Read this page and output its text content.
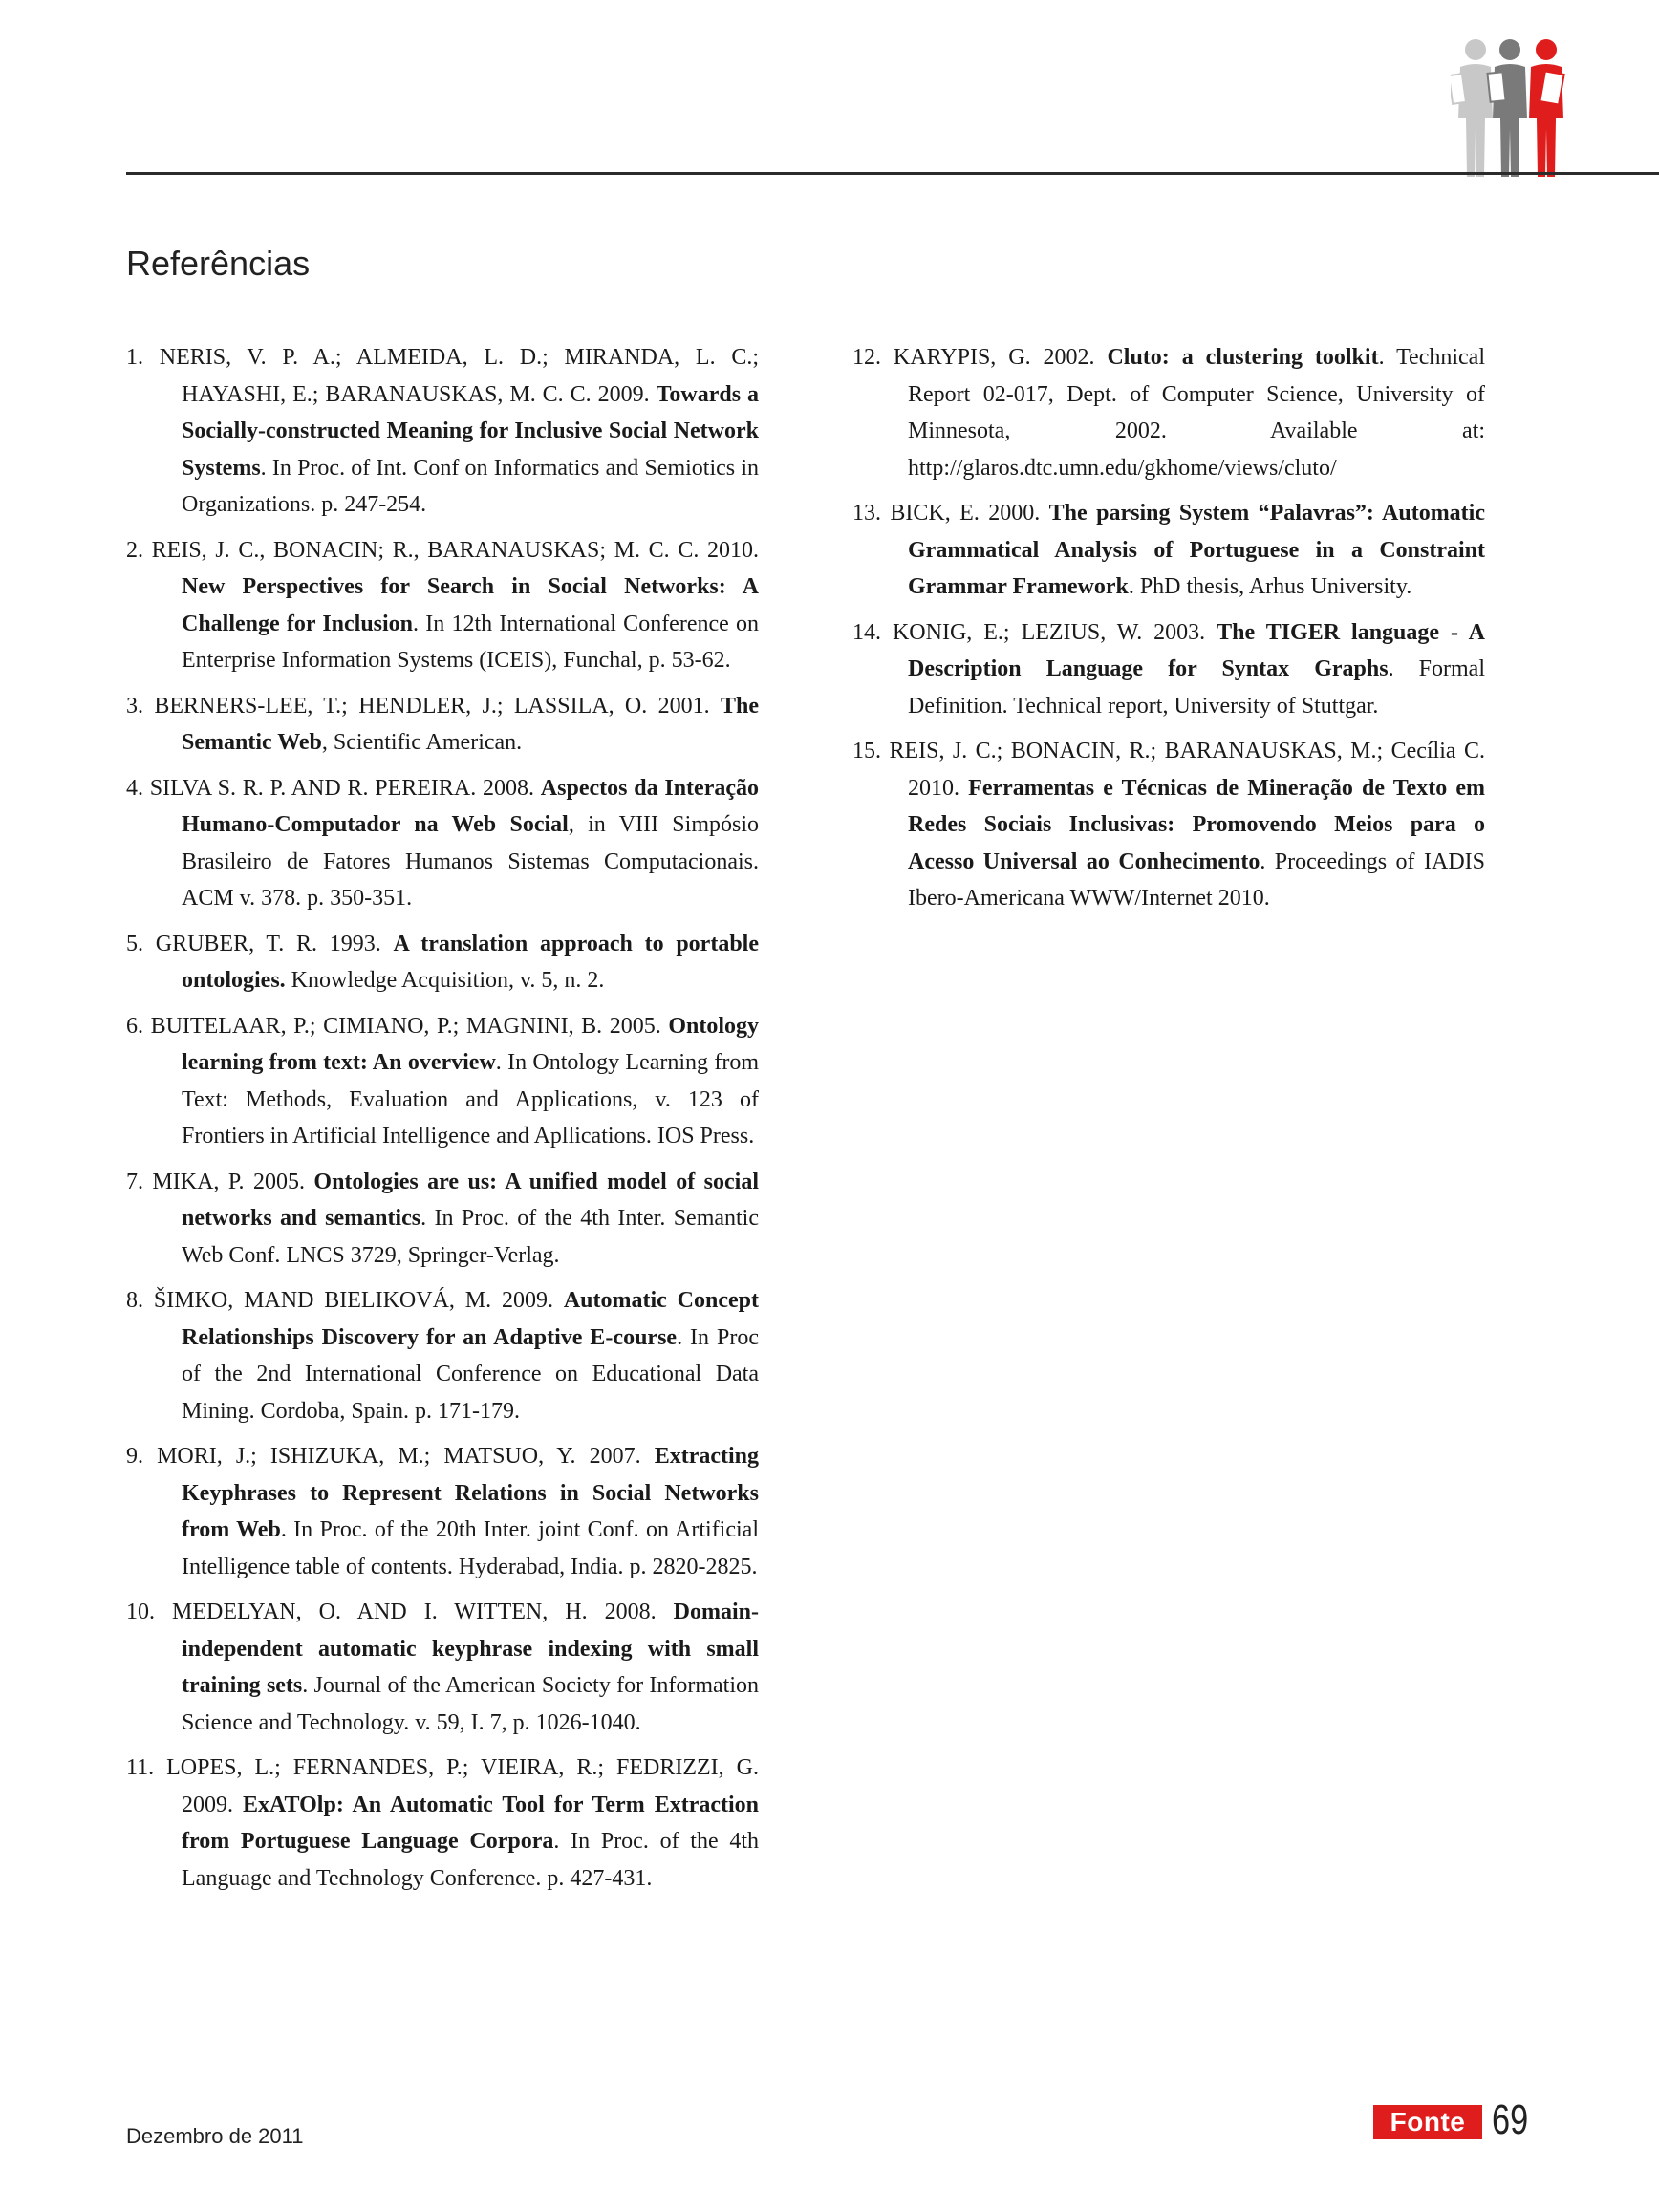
Referências
1. NERIS, V. P. A.; ALMEIDA, L. D.; MIRANDA, L. C.; HAYASHI, E.; BARANAUSKAS, M. C. C. 2009. Towards a Socially-constructed Meaning for Inclusive Social Network Systems. In Proc. of Int. Conf on Informatics and Semiotics in Organizations. p. 247-254.
2. REIS, J. C., BONACIN; R., BARANAUSKAS; M. C. C. 2010. New Perspectives for Search in Social Networks: A Challenge for Inclusion. In 12th International Conference on Enterprise Information Systems (ICEIS), Funchal, p. 53-62.
3. BERNERS-LEE, T.; HENDLER, J.; LASSILA, O. 2001. The Semantic Web, Scientific American.
4. SILVA S. R. P. AND R. PEREIRA. 2008. Aspectos da Interação Humano-Computador na Web Social, in VIII Simpósio Brasileiro de Fatores Humanos Sistemas Computacionais. ACM v. 378. p. 350-351.
5. GRUBER, T. R. 1993. A translation approach to portable ontologies. Knowledge Acquisition, v. 5, n. 2.
6. BUITELAAR, P.; CIMIANO, P.; MAGNINI, B. 2005. Ontology learning from text: An overview. In Ontology Learning from Text: Methods, Evaluation and Applications, v. 123 of Frontiers in Artificial Intelligence and Apllications. IOS Press.
7. MIKA, P. 2005. Ontologies are us: A unified model of social networks and semantics. In Proc. of the 4th Inter. Semantic Web Conf. LNCS 3729, Springer-Verlag.
8. ŠIMKO, MAND BIELIKOVÁ, M. 2009. Automatic Concept Relationships Discovery for an Adaptive E-course. In Proc of the 2nd International Conference on Educational Data Mining. Cordoba, Spain. p. 171-179.
9. MORI, J.; ISHIZUKA, M.; MATSUO, Y. 2007. Extracting Keyphrases to Represent Relations in Social Networks from Web. In Proc. of the 20th Inter. joint Conf. on Artificial Intelligence table of contents. Hyderabad, India. p. 2820-2825.
10. MEDELYAN, O. AND I. WITTEN, H. 2008. Domain-independent automatic keyphrase indexing with small training sets. Journal of the American Society for Information Science and Technology. v. 59, I. 7, p. 1026-1040.
11. LOPES, L.; FERNANDES, P.; VIEIRA, R.; FEDRIZZI, G. 2009. ExATOlp: An Automatic Tool for Term Extraction from Portuguese Language Corpora. In Proc. of the 4th Language and Technology Conference. p. 427-431.
12. KARYPIS, G. 2002. Cluto: a clustering toolkit. Technical Report 02-017, Dept. of Computer Science, University of Minnesota, 2002. Available at: http://glaros.dtc.umn.edu/gkhome/views/cluto/
13. BICK, E. 2000. The parsing System “Palavras”: Automatic Grammatical Analysis of Portuguese in a Constraint Grammar Framework. PhD thesis, Arhus University.
14. KONIG, E.; LEZIUS, W. 2003. The TIGER language - A Description Language for Syntax Graphs. Formal Definition. Technical report, University of Stuttgar.
15. REIS, J. C.; BONACIN, R.; BARANAUSKAS, M.; Cecília C. 2010. Ferramentas e Técnicas de Mineração de Texto em Redes Sociais Inclusivas: Promovendo Meios para o Acesso Universal ao Conhecimento. Proceedings of IADIS Ibero-Americana WWW/Internet 2010.
Dezembro de 2011	Fonte 69
